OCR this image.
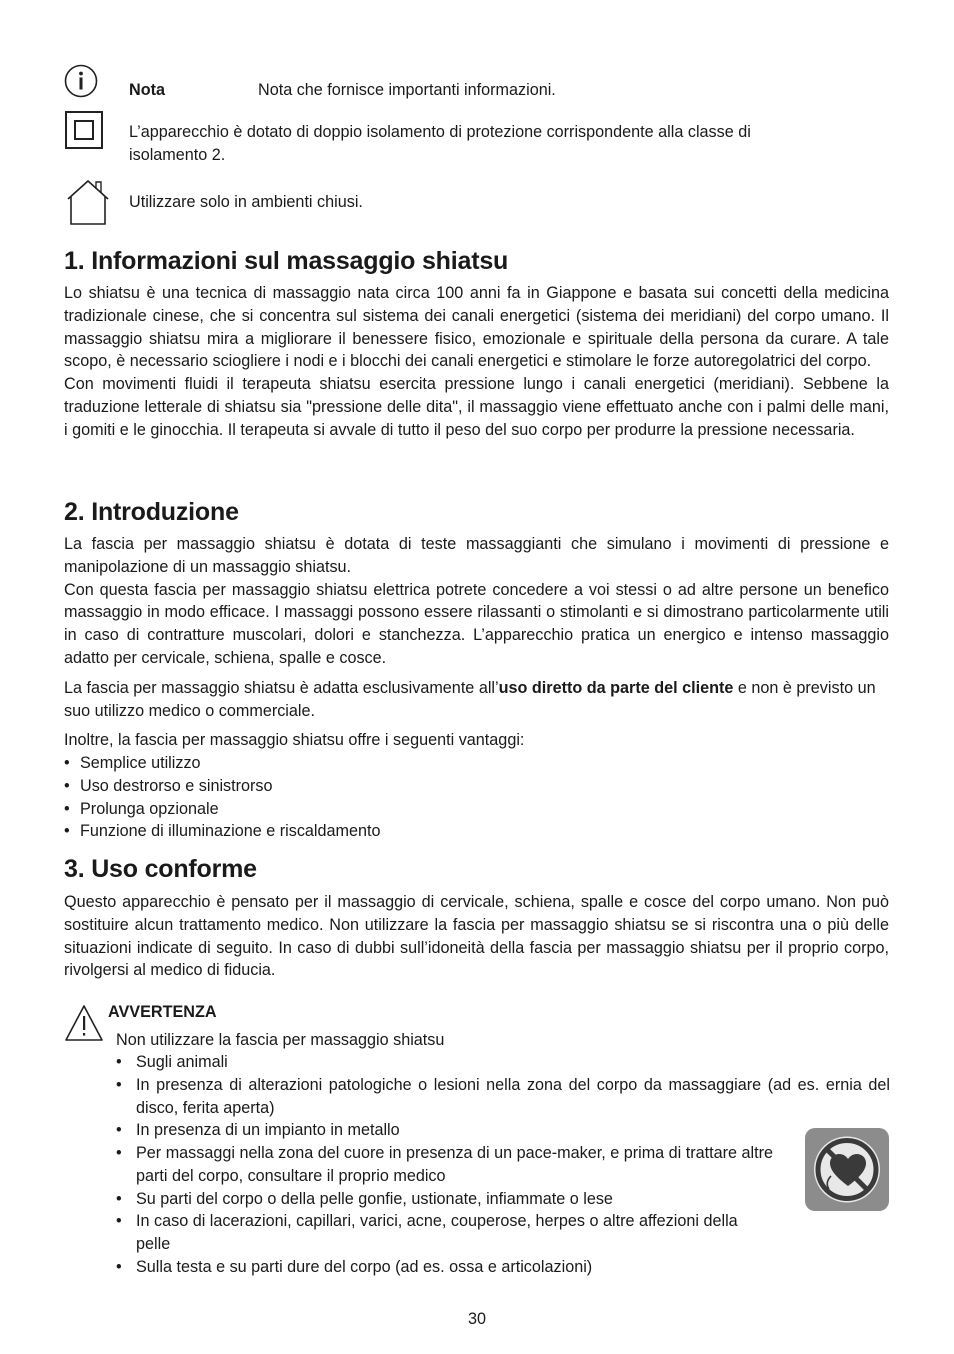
Nota	Nota che fornisce importanti informazioni.
L’apparecchio è dotato di doppio isolamento di protezione corrispondente alla classe di isolamento 2.
Utilizzare solo in ambienti chiusi.
1. Informazioni sul massaggio shiatsu

Lo shiatsu è una tecnica di massaggio nata circa 100 anni fa in Giappone e basata sui concetti della medicina tradizionale cinese, che si concentra sul sistema dei canali energetici (sistema dei meridiani) del corpo umano. Il massaggio shiatsu mira a migliorare il benessere fisico, emozionale e spirituale della persona da curare. A tale scopo, è necessario sciogliere i nodi e i blocchi dei canali energetici e stimolare le forze autoregolatrici del corpo.

Con movimenti fluidi il terapeuta shiatsu esercita pressione lungo i canali energetici (meridiani). Sebbene la traduzione letterale di shiatsu sia "pressione delle dita", il massaggio viene effettuato anche con i palmi delle mani, i gomiti e le ginocchia. Il terapeuta si avvale di tutto il peso del suo corpo per produrre la pressione necessaria.

2. Introduzione

La fascia per massaggio shiatsu è dotata di teste massaggianti che simulano i movimenti di pressione e manipolazione di un massaggio shiatsu.

Con questa fascia per massaggio shiatsu elettrica potrete concedere a voi stessi o ad altre persone un benefico massaggio in modo efficace. I massaggi possono essere rilassanti o stimolanti e si dimostrano particolarmente utili in caso di contratture muscolari, dolori e stanchezza. L’apparecchio pratica un energico e intenso massaggio adatto per cervicale, schiena, spalle e cosce.

La fascia per massaggio shiatsu è adatta esclusivamente all’uso diretto da parte del cliente e non è previsto un suo utilizzo medico o commerciale.
Inoltre, la fascia per massaggio shiatsu offre i seguenti vantaggi:
• Semplice utilizzo
• Uso destrorso e sinistrorso
• Prolunga opzionale
• Funzione di illuminazione e riscaldamento
3. Uso conforme
Questo apparecchio è pensato per il massaggio di cervicale, schiena, spalle e cosce del corpo umano. Non può sostituire alcun trattamento medico. Non utilizzare la fascia per massaggio shiatsu se si riscontra una o più delle situazioni indicate di seguito. In caso di dubbi sull’idoneità della fascia per massaggio shiatsu per il proprio corpo, rivolgersi al medico di fiducia.
AVVERTENZA
Non utilizzare la fascia per massaggio shiatsu
• Sugli animali
• In presenza di alterazioni patologiche o lesioni nella zona del corpo da massaggiare (ad es. ernia del disco, ferita aperta)
• In presenza di un impianto in metallo
• Per massaggi nella zona del cuore in presenza di un pace-maker, e prima di trattare altre parti del corpo, consultare il proprio medico
• Su parti del corpo o della pelle gonfie, ustionate, infiammate o lese
• In caso di lacerazioni, capillari, varici, acne, couperose, herpes o altre affezioni della pelle
• Sulla testa e su parti dure del corpo (ad es. ossa e articolazioni)
30
